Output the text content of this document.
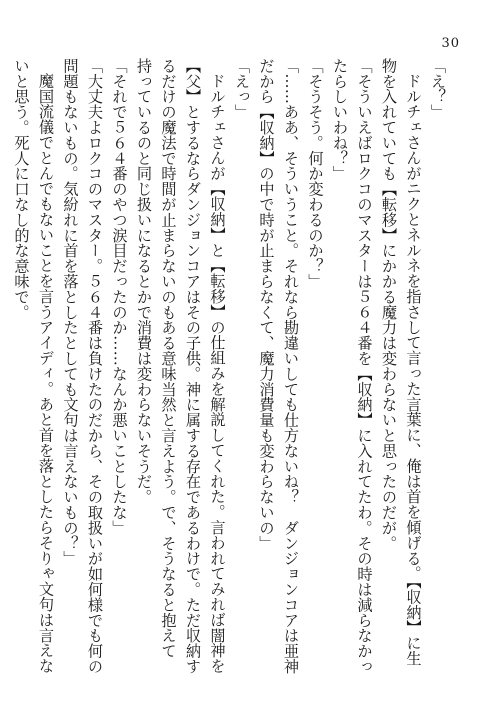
30
「え？」
ドルチェさんがニクとネルネを指さして言った言葉に、俺は首を傾げる。【収納】に生
物を入れていても【転移】にかかる魔力は変わらないと思ったのだが。
「そういえばロクコのマスターは５６４番を【収納】に入れてたわ。その時は減らなかっ
たらしいわね？」
「そうそう。何か変わるのか？」
「……ああ、そういうこと。それなら勘違いしても仕方ないね？　ダンジョンコアは亜神
だから【収納】の中で時が止まらなくて、魔力消費量も変わらないの」
「えっ」
ドルチェさんが【収納】と【転移】の仕組みを解説してくれた。言われてみれば闇神を
【父】とするならダンジョンコアはその子供。神に属する存在であるわけで。ただ収納す
るだけの魔法で時間が止まらないのもある意味当然と言えよう。で、そうなると抱えて
持っているのと同じ扱いになるとかで消費は変わらないそうだ。
「それで５６４番のやつ涙目だったのか……なんか悪いことしたな」
「大丈夫よロクコのマスター。５６４番は負けたのだから、その取扱いが如何様でも何の
問題もないもの。気紛れに首を落としたとしても文句は言えないもの？」
魔国流儀でとんでもないことを言うアイディ。あと首を落としたらそりゃ文句は言えな
いと思う。死人に口なし的な意味で。
